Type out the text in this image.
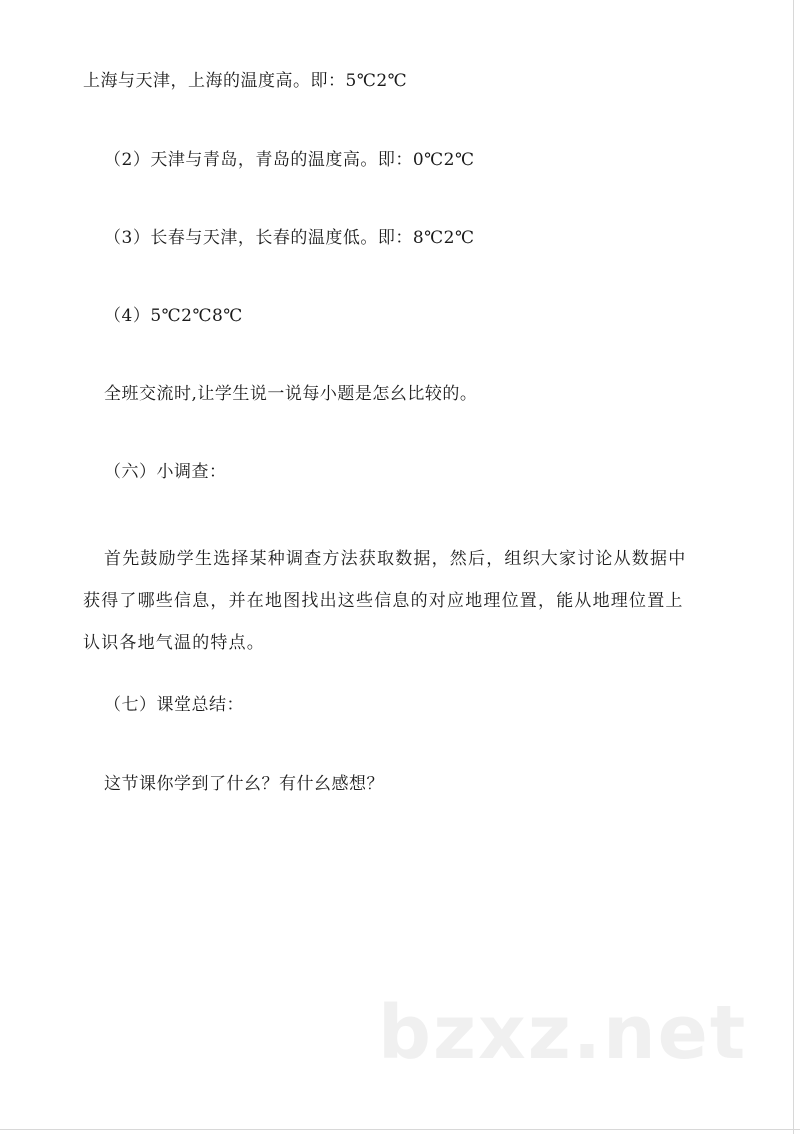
上海与天津，上海的温度高。即：5℃2℃
（2）天津与青岛，青岛的温度高。即：0℃2℃
（3）长春与天津，长春的温度低。即：8℃2℃
（4）5℃2℃8℃
全班交流时,让学生说一说每小题是怎幺比较的。
（六）小调查：
首先鼓励学生选择某种调查方法获取数据，然后，组织大家讨论从数据中
获得了哪些信息，并在地图找出这些信息的对应地理位置，能从地理位置上
认识各地气温的特点。
（七）课堂总结：
这节课你学到了什幺？有什幺感想？
bzxz.net
